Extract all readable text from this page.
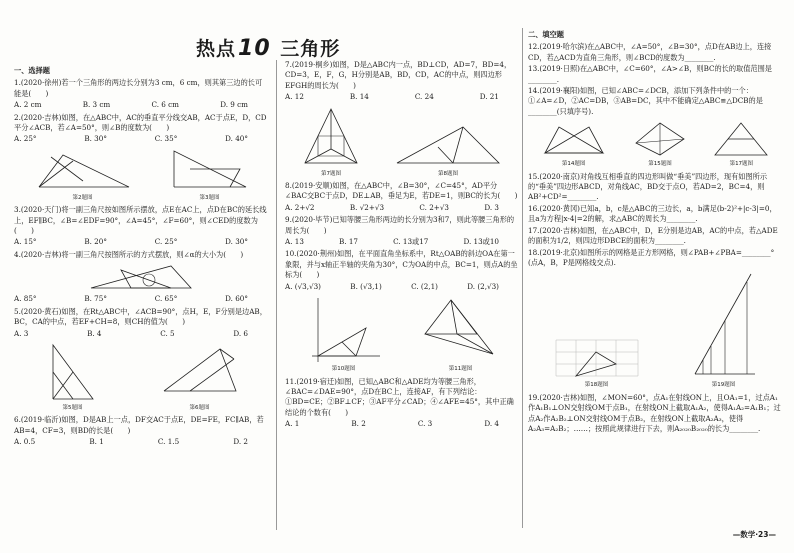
热点10 三角形
一、选择题
1.(2020·徐州)若一个三角形的两边长分别为3 cm，6 cm，则其第三边的长可能是(　　)
A. 2 cm	B. 3 cm	C. 6 cm	D. 9 cm
2.(2020·吉林)如图，在△ABC中，AC的垂直平分线交AB，AC于点E，D，CD平分∠ACB，若∠A=50°，则∠B的度数为(　　)
A. 25°	B. 30°	C. 35°	D. 40°
第2题图	第3题图
3.(2020·天门)将一副三角尺按如图所示摆放，点E在AC上，点D在BC的延长线上，EF∥BC，∠B=∠EDF=90°，∠A=45°，∠F=60°，则∠CED的度数为(　　)
A. 15°	B. 20°	C. 25°	D. 30°
4.(2020·吉林)将一副三角尺按图所示的方式摆放，则∠α的大小为(　　)
A. 85°	B. 75°	C. 65°	D. 60°
5.(2020·黄石)如图，在Rt△ABC中，∠ACB=90°，点H，E，F分别是边AB，BC，CA的中点，若EF+CH=8，则CH的值为(　　)
A. 3	B. 4	C. 5	D. 6
第5题图	第6题图
6.(2019·临沂)如图，D是AB上一点，DF交AC于点E，DE=FE，FC∥AB，若AB=4，CF=3，则BD的长是(　　)
A. 0.5	B. 1	C. 1.5	D. 2
7.(2019·桐乡)如图，D是△ABC内一点，BD⊥CD，AD=7，BD=4，CD=3，E，F，G，H分别是AB，BD，CD，AC的中点，则四边形EFGH的周长为(　　)
A. 12	B. 14	C. 24	D. 21
第7题图	第8题图
8.(2019·安顺)如图，在△ABC中，∠B=30°，∠C=45°，AD平分∠BAC交BC于点D，DE⊥AB，垂足为E，若DE=1，则BC的长为(　　)
A. 2+√2	B. √2+√3	C. 2+√3	D. 3
9.(2020·毕节)已知等腰三角形两边的长分别为3和7，则此等腰三角形的周长为(　　)
A. 13	B. 17	C. 13或17	D. 13或10
10.(2020·荆州)如图，在平面直角坐标系中，Rt△OAB的斜边OA在第一象限，并与x轴正半轴的夹角为30°，C为OA的中点，BC=1，则点A的坐标为(　　)
A. (√3,√3)	B. (√3,1)	C. (2,1)	D. (2,√3)
第10题图	第11题图
11.(2019·宿迁)如图，已知△ABC和△ADE均为等腰三角形，∠BAC=∠DAE=90°，点D在BC上，连接AF，有下列结论：①BD=CE；②BF⊥CF；③AF平分∠CAD；④∠AFE=45°，其中正确结论的个数有(　　)
A. 1	B. 2	C. 3	D. 4
二、填空题
12.(2019·哈尔滨)在△ABC中，∠A=50°，∠B=30°，点D在AB边上，连接CD，若△ACD为直角三角形，则∠BCD的度数为________.
13.(2019·日照)在△ABC中，∠C=60°，∠A>∠B，则BC的长的取值范围是________.
14.(2019·襄阳)如图，已知∠ABC=∠DCB，添加下列条件中的一个：①∠A=∠D，②AC=DB，③AB=DC，其中不能确定△ABC≌△DCB的是________(只填序号).
第14题图	第15题图	第17题图
15.(2020·南京)对角线互相垂直的四边形叫做“垂美”四边形，现有如图所示的“垂美”四边形ABCD，对角线AC，BD交于点O，若AD=2，BC=4，则AB²+CD²=________.
16.(2020·黄冈)已知a，b，c是△ABC的三边长，a，b满足(b-2)²+|c-3|=0，且a为方程|x-4|=2的解，求△ABC的周长为________.
17.(2020·吉林)如图，在△ABC中，D，E分别是边AB，AC的中点，若△ADE的面积为1/2，则四边形DBCE的面积为________.
18.(2019·北京)如图所示的网格是正方形网格，则∠PAB+∠PBA=________°(点A，B，P是网格线交点).
第18题图	第19题图
19.(2020·吉林)如图，∠MON=60°，点A₁在射线ON上，且OA₁=1，过点A₁作A₁B₁⊥ON交射线OM于点B₁，在射线ON上截取A₁A₂，使得A₁A₂=A₁B₁；过点A₂作A₂B₂⊥ON交射线OM于点B₂，在射线ON上截取A₂A₃，使得A₂A₃=A₂B₂；……；按照此规律进行下去，则A₂₀₂₀B₂₀₂₀的长为________.
—数学·23—
